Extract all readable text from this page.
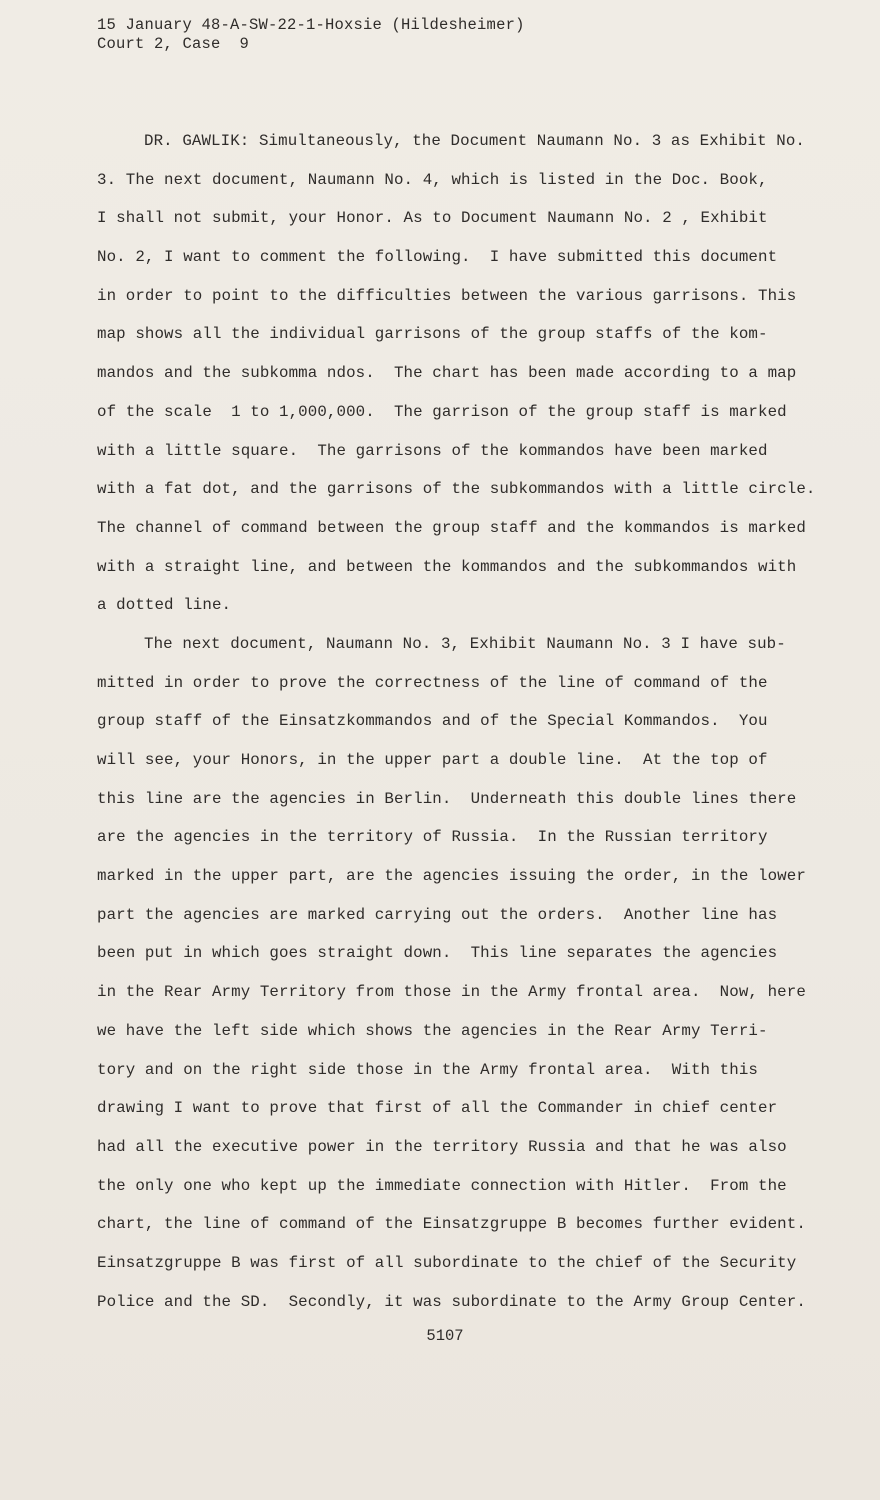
15 January 48-A-SW-22-1-Hoxsie (Hildesheimer)
Court 2, Case  9
DR. GAWLIK: Simultaneously, the Document Naumann No. 3 as Exhibit No.
3. The next document, Naumann No. 4, which is listed in the Doc. Book,
I shall not submit, your Honor. As to Document Naumann No. 2 , Exhibit
No. 2, I want to comment the following.  I have submitted this document
in order to point to the difficulties between the various garrisons. This
map shows all the individual garrisons of the group staffs of the kom-
mandos and the subkomma ndos.  The chart has been made according to a map
of the scale  1 to 1,000,000.  The garrison of the group staff is marked
with a little square.  The garrisons of the kommandos have been marked
with a fat dot, and the garrisons of the subkommandos with a little circle.
The channel of command between the group staff and the kommandos is marked
with a straight line, and between the kommandos and the subkommandos with
a dotted line.
The next document, Naumann No. 3, Exhibit Naumann No. 3 I have sub-
mitted in order to prove the correctness of the line of command of the
group staff of the Einsatzkommandos and of the Special Kommandos.  You
will see, your Honors, in the upper part a double line.  At the top of
this line are the agencies in Berlin.  Underneath this double lines there
are the agencies in the territory of Russia.  In the Russian territory
marked in the upper part, are the agencies issuing the order, in the lower
part the agencies are marked carrying out the orders.  Another line has
been put in which goes straight down.  This line separates the agencies
in the Rear Army Territory from those in the Army frontal area.  Now, here
we have the left side which shows the agencies in the Rear Army Terri-
tory and on the right side those in the Army frontal area.  With this
drawing I want to prove that first of all the Commander in chief center
had all the executive power in the territory Russia and that he was also
the only one who kept up the immediate connection with Hitler.  From the
chart, the line of command of the Einsatzgruppe B becomes further evident.
Einsatzgruppe B was first of all subordinate to the chief of the Security
Police and the SD.  Secondly, it was subordinate to the Army Group Center.
5107
